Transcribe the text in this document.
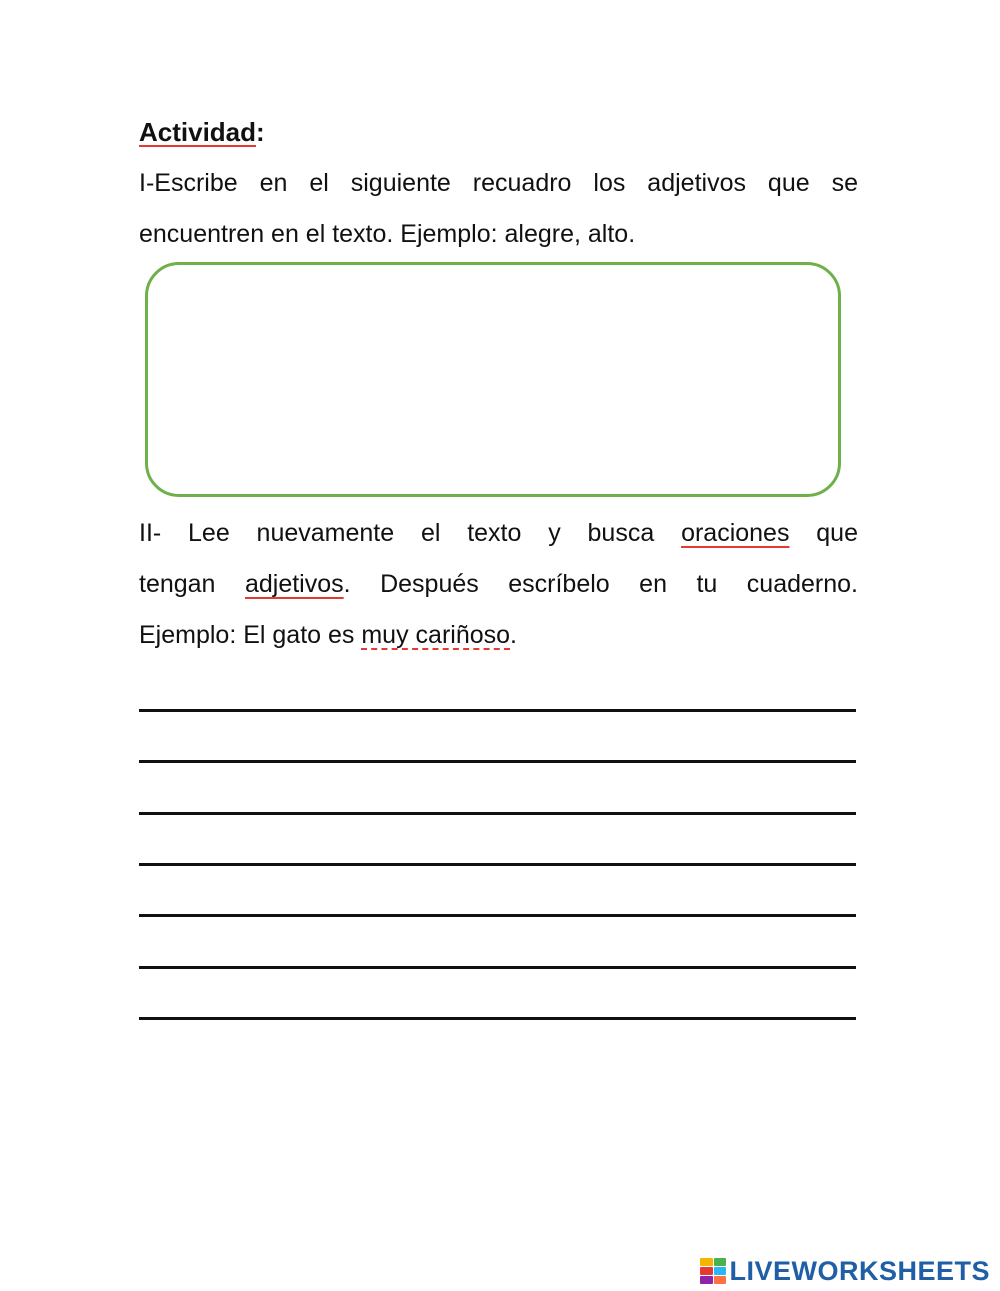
Actividad:
I-Escribe en el siguiente recuadro los adjetivos que se
encuentren en el texto. Ejemplo: alegre, alto.
II- Lee nuevamente el texto y busca oraciones que
tengan adjetivos. Después escríbelo en tu cuaderno.
Ejemplo: El gato es muy cariñoso.
LIVEWORKSHEETS
